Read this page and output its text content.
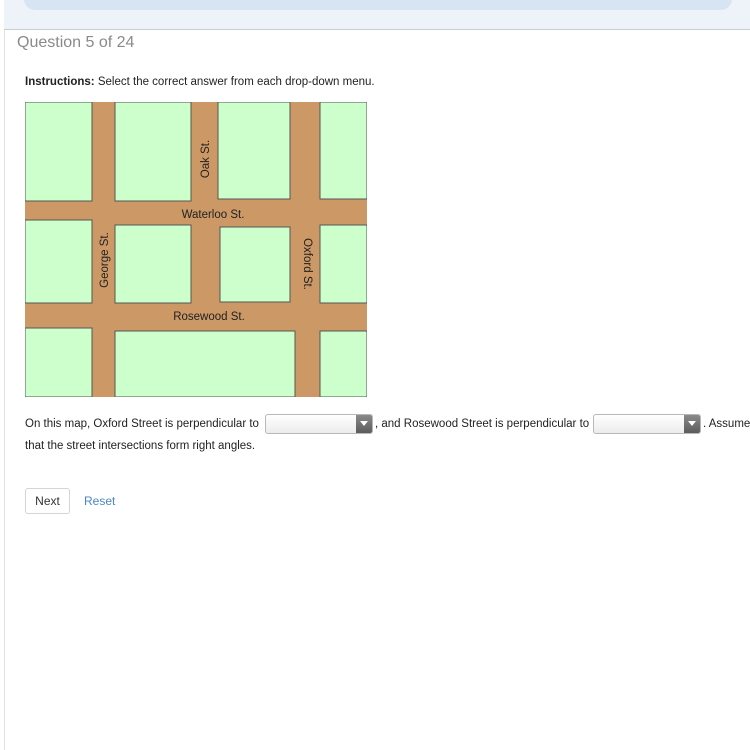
Question 5 of 24
Instructions: Select the correct answer from each drop-down menu.
Oak St.
Waterloo St.
George St.	Oxford St.
Rosewood St.
On this map, Oxford Street is perpendicular to	, and Rosewood Street is perpendicular to	. Assume
that the street intersections form right angles.
Next	Reset
